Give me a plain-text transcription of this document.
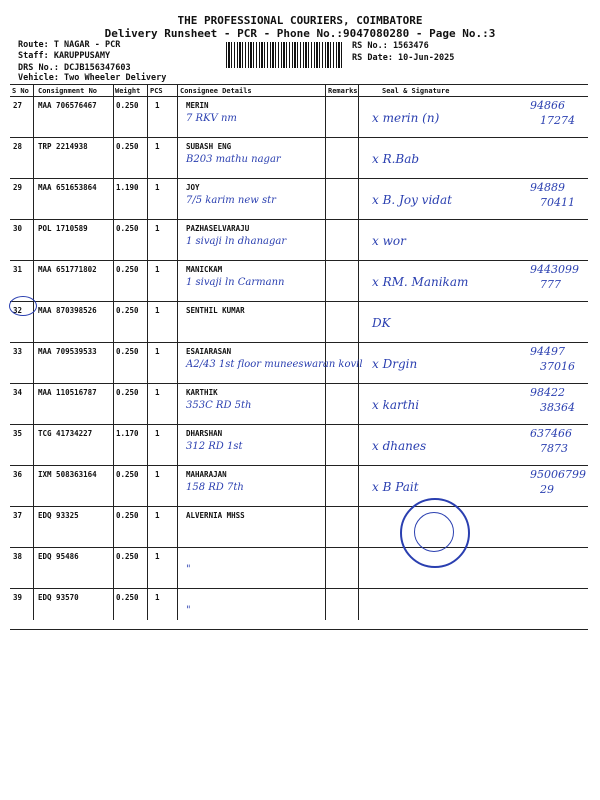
THE PROFESSIONAL COURIERS, COIMBATORE
Delivery Runsheet - PCR - Phone No.:9047080280 - Page No.:3
Route: T NAGAR - PCR
Staff: KARUPPUSAMY
DRS No.: DCJB156347603
Vehicle: Two Wheeler Delivery
RS No.: 1563476
RS Date: 10-Jun-2025
S No Consignment No	Weight PCS Consignee Details	Remarks	Seal & Signature
27 MAA 706576467	0.250 1	MERIN
7 RKV nm	x merin (n)
94866
17274
28 TRP 2214938	0.250 1	SUBASH ENG
B203 mathu nagar	x R.Bab
29 MAA 651653864	1.190 1	JOY
7/5 karim new str	x B. Joy vidat
94889
70411
30 POL 1710589	0.250 1	PAZHASELVARAJU
1 sivaji ln dhanagar	x wor
31 MAA 651771802	0.250 1	MANICKAM
1 sivaji ln Carmann	x RM. Manikam
9443099
777
32 MAA 870398526	0.250 1	SENTHIL KUMAR
DK
33 MAA 709539533	0.250 1	ESAIARASAN
A2/43 1st floor muneeswaran kovil x Drgin
94497
37016
34 MAA 110516787	0.250 1	KARTHIK
353C RD 5th	x karthi
98422
38364
35 TCG 41734227	1.170 1	DHARSHAN
312 RD 1st	x dhanes
637466
7873
36 IXM 508363164	0.250 1	MAHARAJAN
158 RD 7th	x B Pait
95006799
29
37 EDQ 93325	0.250 1	ALVERNIA MHSS
38 EDQ 95486	0.250 1
"
39 EDQ 93570	0.250 1
"
